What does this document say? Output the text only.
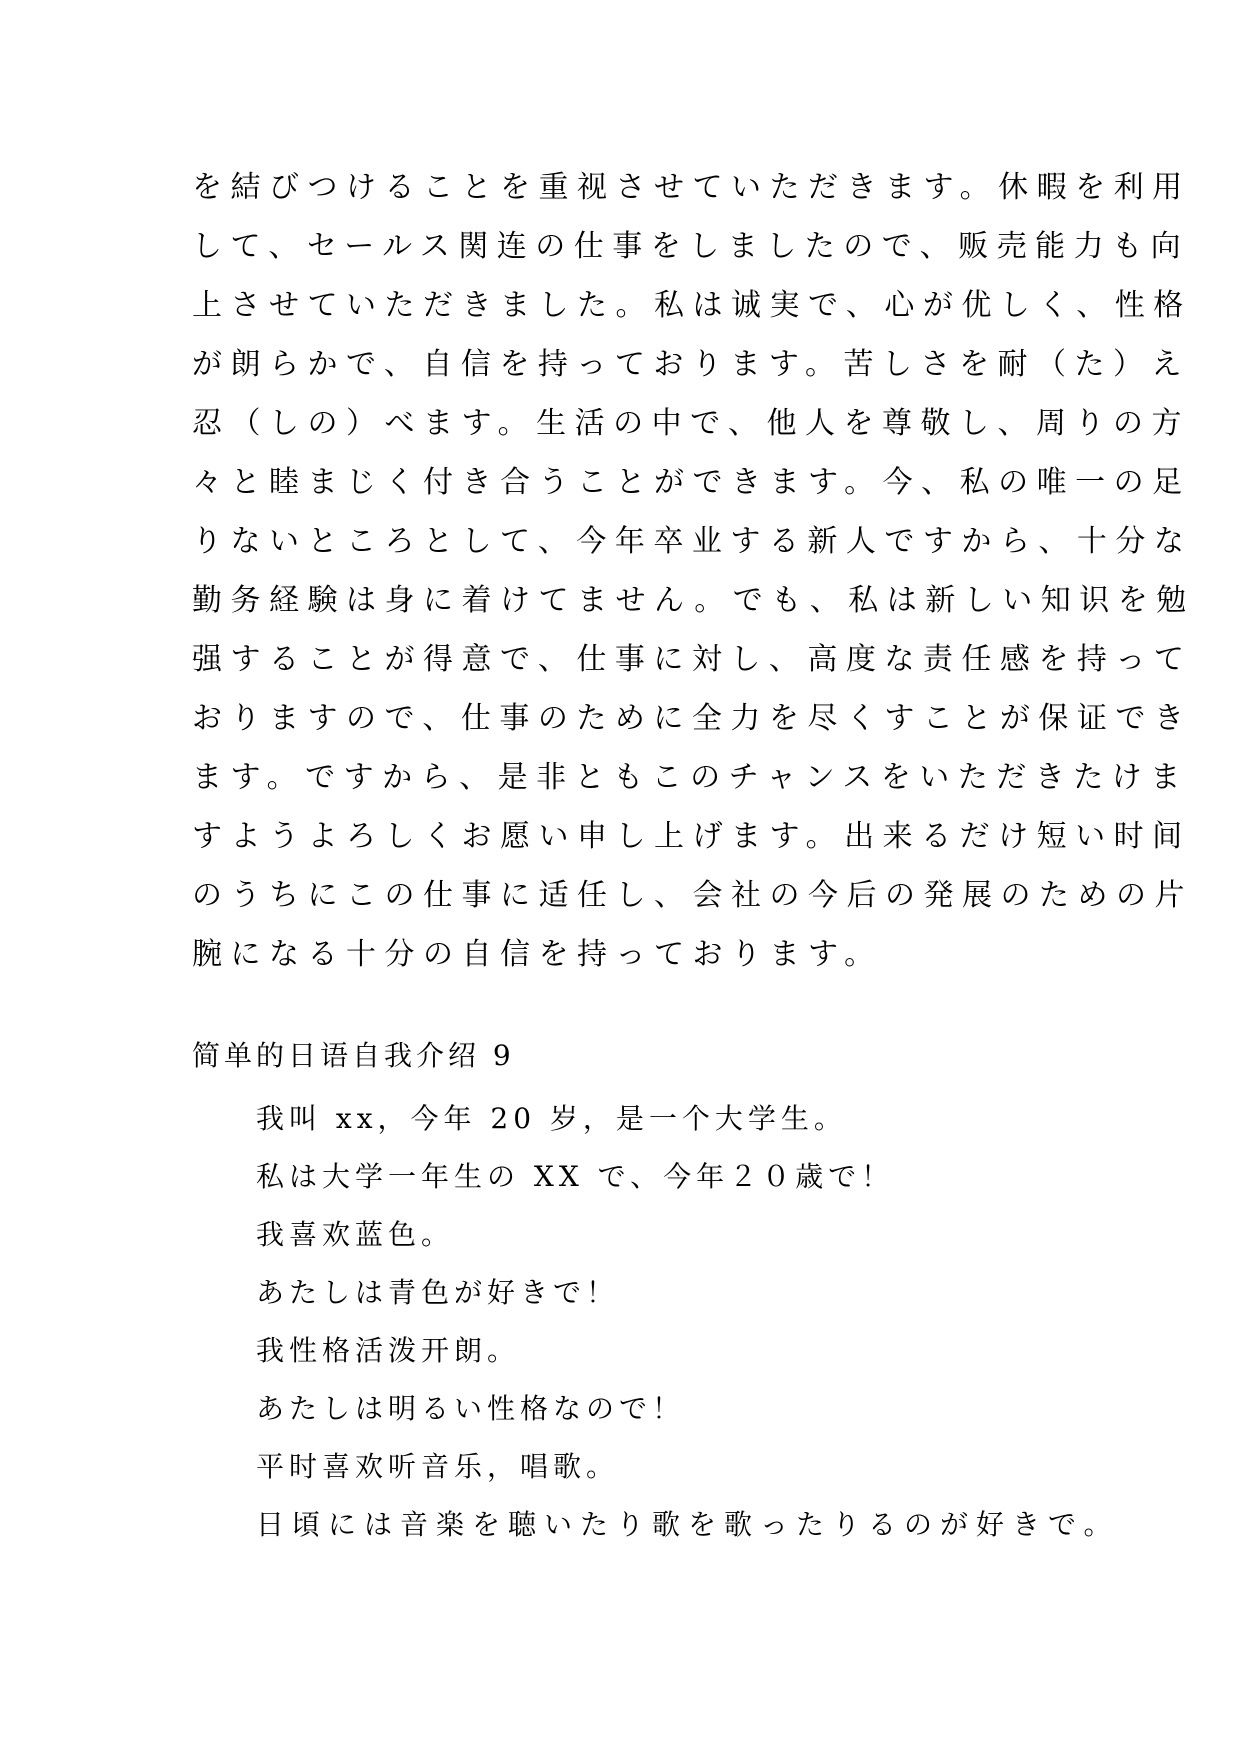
を結びつけることを重视させていただきます。休暇を利用
して、セールス関连の仕事をしましたので、贩売能力も向
上させていただきました。私は诚実で、心が优しく、性格
が朗らかで、自信を持っております。苦しさを耐（た）え
忍（しの）べます。生活の中で、他人を尊敬し、周りの方
々と睦まじく付き合うことができます。今、私の唯一の足
りないところとして、今年卒业する新人ですから、十分な
勤务経験は身に着けてません。でも、私は新しい知识を勉
强することが得意で、仕事に対し、高度な责任感を持って
おりますので、仕事のために全力を尽くすことが保证でき
ます。ですから、是非ともこのチャンスをいただきたけま
すようよろしくお愿い申し上げます。出来るだけ短い时间
のうちにこの仕事に适任し、会社の今后の発展のための片
腕になる十分の自信を持っております。
简单的日语自我介绍 9
我叫 xx，今年 20 岁，是一个大学生。
私は大学一年生の XX で、今年２０歳で！
我喜欢蓝色。
あたしは青色が好きで！
我性格活泼开朗。
あたしは明るい性格なので！
平时喜欢听音乐，唱歌。
日頃には音楽を聴いたり歌を歌ったりるのが好きで。
